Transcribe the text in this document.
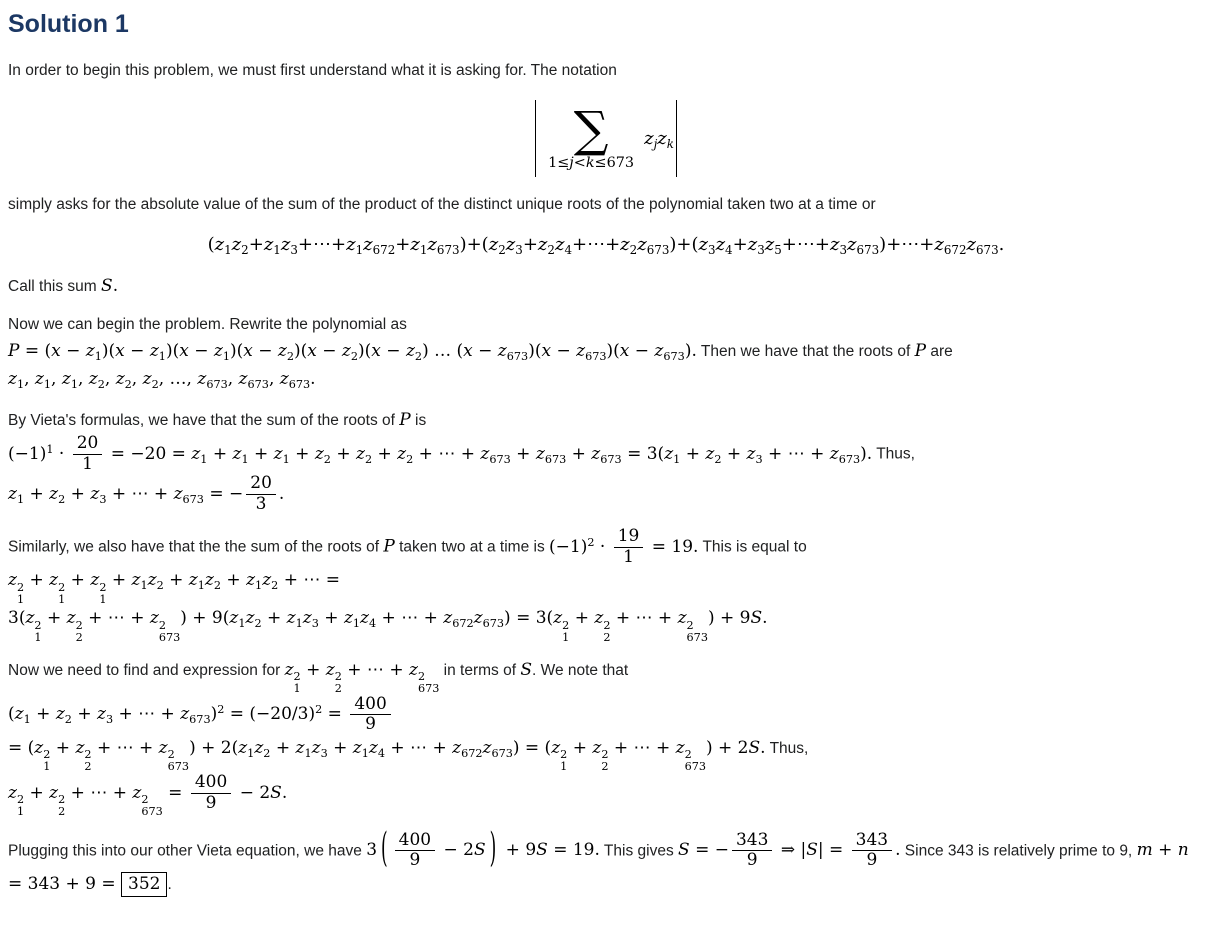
Solution 1

In order to begin this problem, we must first understand what it is asking for. The notation

∑
1≤j<k≤673
$z_jz_k$

simply asks for the absolute value of the sum of the product of the distinct unique roots of the polynomial taken two at a time or

$(z_1z_2+z_1z_3+\cdots+z_1z_{672}+z_1z_{673})+(z_2z_3+z_2z_4+\cdots+z_2z_{673})+(z_3z_4+z_3z_5+\cdots+z_3z_{673})+\cdots+z_{672}z_{673}$.

Call this sum S.

Now we can begin the problem. Rewrite the polynomial as
$P = (x - z_1)(x - z_1)(x - z_1)(x - z_2)(x - z_2)(x - z_2)$ … $(x - z_{673})(x - z_{673})(x - z_{673})$. Then we have that the roots of P are
$z_1$, $z_1$, $z_1$, $z_2$, $z_2$, $z_2$, …, $z_{673}$, $z_{673}$, $z_{673}$.

By Vieta's formulas, we have that the sum of the roots of P is
$(-1)^1 \cdot \frac{20}{1} = -20 = z_1 + z_1 + z_1 + z_2 + z_2 + z_2$ + ⋯ + $z_{673} + z_{673} + z_{673} = 3(z_1 + z_2 + z_3$ + ⋯ + $z_{673}$). Thus,
$z_1 + z_2 + z_3$ + ⋯ + $z_{673}$ = − $\frac{20}{3}$ .

Similarly, we also have that the the sum of the roots of P taken two at a time is $(-1)^2 \cdot \frac{19}{1} = 19$. This is equal to
z 2
1
+ z 2
1
+ z 2
1
+ $z_1z_2 + z_1z_2 + z_1z_2$ + ⋯ =
3(z 2
1
+ z 2
2
+ ⋯ + z 2
673
) + $9(z_1z_2 + z_1z_3 + z_1z_4$ + ⋯ + $z_{672}z_{673}) = 3(z$ 2
1
+ z 2
2
+ ⋯ + z 2
673
) + 9S.

Now we need to find and expression for z 2
1
+ z 2
2
+ ⋯ + z 2
673
in terms of S. We note that
($z_1 + z_2 + z_3$ + ⋯ + $z_{673})^2 = (-20/3)^2 = \frac{400}{9}$

= (z 2
1
+ z 2
2
+ ⋯ + z 2
673
) + $2(z_1z_2 + z_1z_3 + z_1z_4$ + ⋯ + $z_{672}z_{673}) = (z$ 2
1
+ z 2
2
+ ⋯ + z 2
673
) + 2S. Thus,
z 2
1
+ z 2
2
+ ⋯ + z 2
673
= $\frac{400}{9} - 2S$.

Plugging this into our other Vieta equation, we have 3 ( $\frac{400}{9} - 2S$ ) + 9S = 19. This gives S = − $\frac{343}{9}$ ⇒ $|S| = \frac{343}{9}$ . Since 343 is relatively prime to 9, m + n = 343 + 9 = 352 .
